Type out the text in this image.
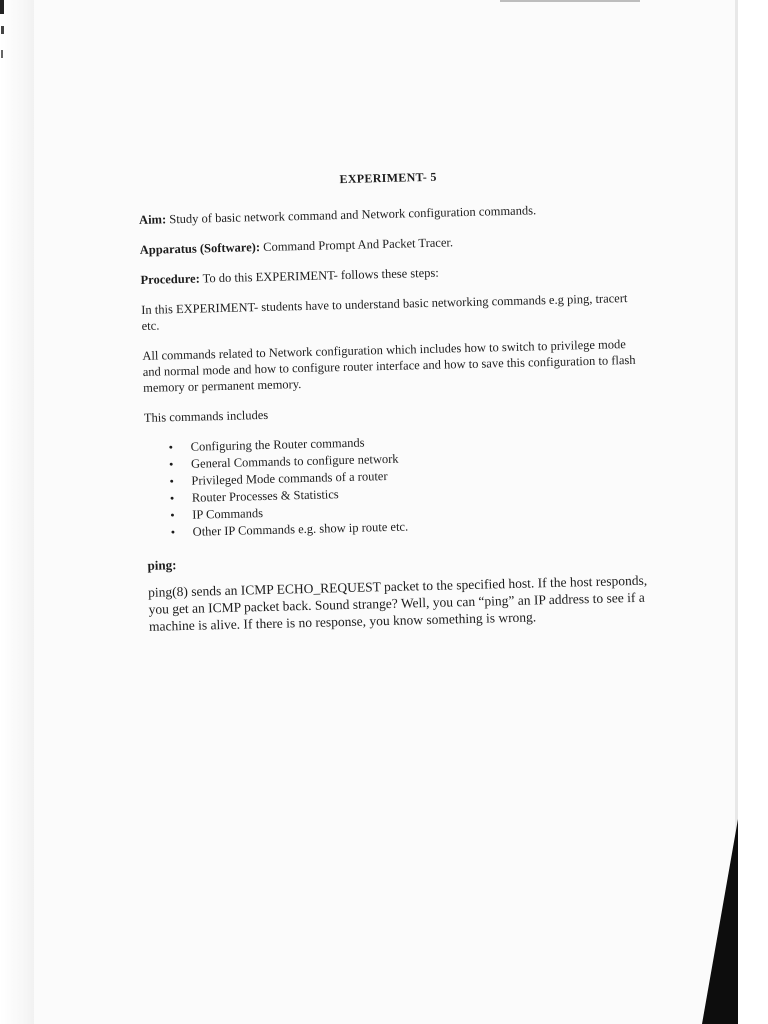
EXPERIMENT- 5

Aim: Study of basic network command and Network configuration commands.

Apparatus (Software): Command Prompt And Packet Tracer.

Procedure: To do this EXPERIMENT- follows these steps:

In this EXPERIMENT- students have to understand basic networking commands e.g ping, tracert etc.

All commands related to Network configuration which includes how to switch to privilege mode and normal mode and how to configure router interface and how to save this configuration to flash memory or permanent memory.

This commands includes

• Configuring the Router commands
• General Commands to configure network
• Privileged Mode commands of a router
• Router Processes & Statistics
• IP Commands
• Other IP Commands e.g. show ip route etc.
ping:

ping(8) sends an ICMP ECHO_REQUEST packet to the specified host. If the host responds, you get an ICMP packet back. Sound strange? Well, you can “ping” an IP address to see if a machine is alive. If there is no response, you know something is wrong.
